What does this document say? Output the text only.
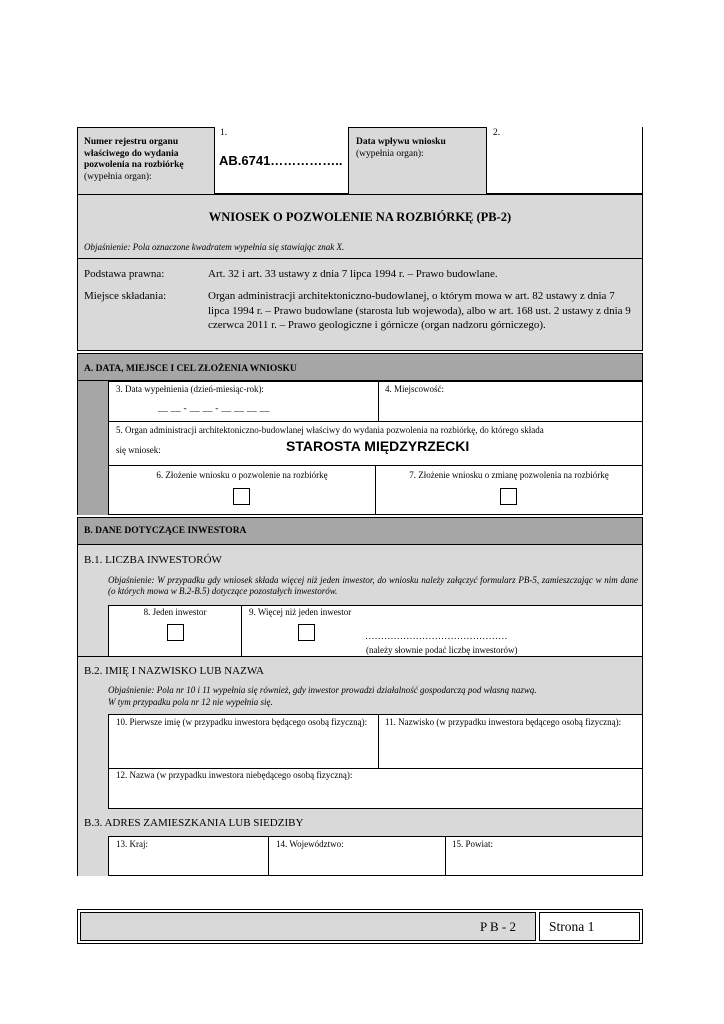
Numer rejestru organu właściwego do wydania pozwolenia na rozbiórkę (wypełnia organ):
1.
AB.6741……………..
Data wpływu wniosku
(wypełnia organ):
2.
WNIOSEK O POZWOLENIE NA ROZBIÓRKĘ (PB-2)
Objaśnienie: Pola oznaczone kwadratem wypełnia się stawiając znak X.
Podstawa prawna:	Art. 32 i art. 33 ustawy z dnia 7 lipca 1994 r. – Prawo budowlane.
Miejsce składania:	Organ administracji architektoniczno-budowlanej, o którym mowa w art. 82 ustawy z dnia 7 lipca 1994 r. – Prawo budowlane (starosta lub wojewoda), albo w art. 168 ust. 2 ustawy z dnia 9 czerwca 2011 r. – Prawo geologiczne i górnicze (organ nadzoru górniczego).
A. DATA, MIEJSCE I CEL ZŁOŻENIA WNIOSKU
3. Data wypełnienia (dzień-miesiąc-rok):
__ __ - __ __ - __ __ __ __
4. Miejscowość:
5. Organ administracji architektoniczno-budowlanej właściwy do wydania pozwolenia na rozbiórkę, do którego składa
się wniosek:	STAROSTA MIĘDZYRZECKI
6. Złożenie wniosku o pozwolenie na rozbiórkę	7. Złożenie wniosku o zmianę pozwolenia na rozbiórkę
B. DANE DOTYCZĄCE INWESTORA
B.1. LICZBA INWESTORÓW
Objaśnienie: W przypadku gdy wniosek składa więcej niż jeden inwestor, do wniosku należy załączyć formularz PB-5, zamieszczając w nim dane (o których mowa w B.2-B.5) dotyczące pozostałych inwestorów.
8. Jeden inwestor	9. Więcej niż jeden inwestor
………………………………………
(należy słownie podać liczbę inwestorów)
B.2. IMIĘ I NAZWISKO LUB NAZWA
Objaśnienie: Pola nr 10 i 11 wypełnia się również, gdy inwestor prowadzi działalność gospodarczą pod własną nazwą.
W tym przypadku pola nr 12 nie wypełnia się.
10. Pierwsze imię (w przypadku inwestora będącego osobą fizyczną):	11. Nazwisko (w przypadku inwestora będącego osobą fizyczną):
12. Nazwa (w przypadku inwestora niebędącego osobą fizyczną):
B.3. ADRES ZAMIESZKANIA LUB SIEDZIBY
13. Kraj:	14. Województwo:	15. Powiat:
P B - 2 Strona 1
